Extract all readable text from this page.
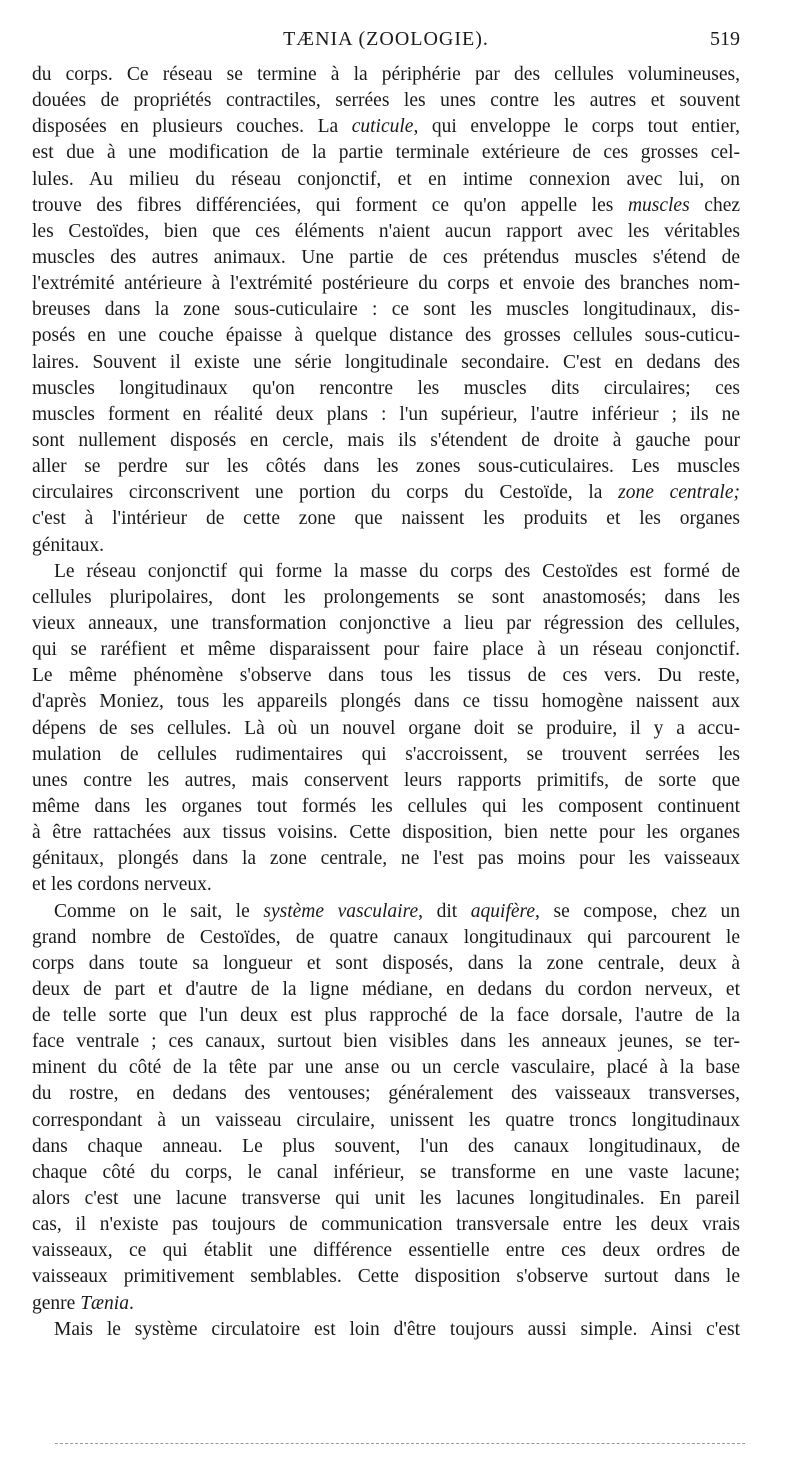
TÆNIA (ZOOLOGIE).	519
du corps. Ce réseau se termine à la périphérie par des cellules volumineuses,
douées de propriétés contractiles, serrées les unes contre les autres et souvent
disposées en plusieurs couches. La cuticule, qui enveloppe le corps tout entier,
est due à une modification de la partie terminale extérieure de ces grosses cel-
lules. Au milieu du réseau conjonctif, et en intime connexion avec lui, on
trouve des fibres différenciées, qui forment ce qu'on appelle les muscles chez
les Cestoïdes, bien que ces éléments n'aient aucun rapport avec les véritables
muscles des autres animaux. Une partie de ces prétendus muscles s'étend de
l'extrémité antérieure à l'extrémité postérieure du corps et envoie des branches nom-
breuses dans la zone sous-cuticulaire : ce sont les muscles longitudinaux, dis-
posés en une couche épaisse à quelque distance des grosses cellules sous-cuticu-
laires. Souvent il existe une série longitudinale secondaire. C'est en dedans des
muscles longitudinaux qu'on rencontre les muscles dits circulaires; ces
muscles forment en réalité deux plans : l'un supérieur, l'autre inférieur ; ils ne
sont nullement disposés en cercle, mais ils s'étendent de droite à gauche pour
aller se perdre sur les côtés dans les zones sous-cuticulaires. Les muscles
circulaires circonscrivent une portion du corps du Cestoïde, la zone centrale;
c'est à l'intérieur de cette zone que naissent les produits et les organes
génitaux.
Le réseau conjonctif qui forme la masse du corps des Cestoïdes est formé de
cellules pluripolaires, dont les prolongements se sont anastomosés; dans les
vieux anneaux, une transformation conjonctive a lieu par régression des cellules,
qui se raréfient et même disparaissent pour faire place à un réseau conjonctif.
Le même phénomène s'observe dans tous les tissus de ces vers. Du reste,
d'après Moniez, tous les appareils plongés dans ce tissu homogène naissent aux
dépens de ses cellules. Là où un nouvel organe doit se produire, il y a accu-
mulation de cellules rudimentaires qui s'accroissent, se trouvent serrées les
unes contre les autres, mais conservent leurs rapports primitifs, de sorte que
même dans les organes tout formés les cellules qui les composent continuent
à être rattachées aux tissus voisins. Cette disposition, bien nette pour les organes
génitaux, plongés dans la zone centrale, ne l'est pas moins pour les vaisseaux
et les cordons nerveux.
Comme on le sait, le système vasculaire, dit aquifère, se compose, chez un
grand nombre de Cestoïdes, de quatre canaux longitudinaux qui parcourent le
corps dans toute sa longueur et sont disposés, dans la zone centrale, deux à
deux de part et d'autre de la ligne médiane, en dedans du cordon nerveux, et
de telle sorte que l'un deux est plus rapproché de la face dorsale, l'autre de la
face ventrale ; ces canaux, surtout bien visibles dans les anneaux jeunes, se ter-
minent du côté de la tête par une anse ou un cercle vasculaire, placé à la base
du rostre, en dedans des ventouses; généralement des vaisseaux transverses,
correspondant à un vaisseau circulaire, unissent les quatre troncs longitudinaux
dans chaque anneau. Le plus souvent, l'un des canaux longitudinaux, de
chaque côté du corps, le canal inférieur, se transforme en une vaste lacune;
alors c'est une lacune transverse qui unit les lacunes longitudinales. En pareil
cas, il n'existe pas toujours de communication transversale entre les deux vrais
vaisseaux, ce qui établit une différence essentielle entre ces deux ordres de
vaisseaux primitivement semblables. Cette disposition s'observe surtout dans le
genre Tænia.
Mais le système circulatoire est loin d'être toujours aussi simple. Ainsi c'est
